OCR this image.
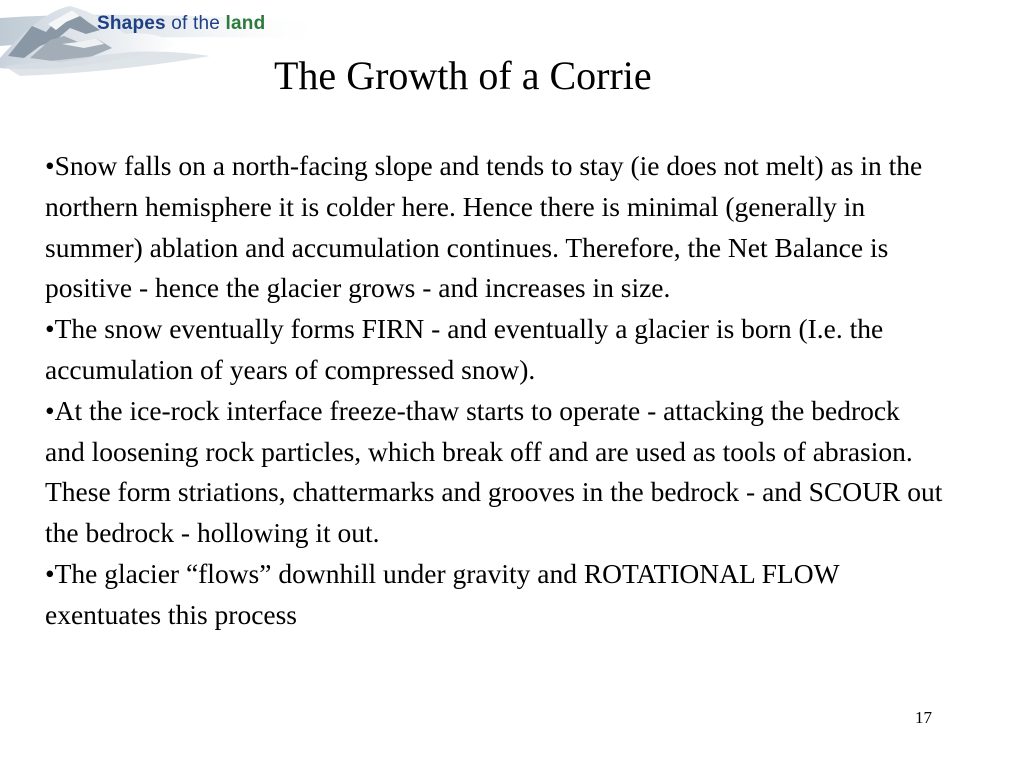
Shapes of the land
The Growth of a Corrie

•Snow falls on a north-facing slope and tends to stay (ie does not melt) as in the northern hemisphere it is colder here. Hence there is minimal (generally in summer) ablation and accumulation continues. Therefore, the Net Balance is positive - hence the glacier grows - and increases in size.

•The snow eventually forms FIRN - and eventually a glacier is born (I.e. the accumulation of years of compressed snow).

•At the ice-rock interface freeze-thaw starts to operate - attacking the bedrock and loosening rock particles, which break off and are used as tools of abrasion. These form striations, chattermarks and grooves in the bedrock - and SCOUR out the bedrock - hollowing it out.

•The glacier “flows” downhill under gravity and ROTATIONAL FLOW exentuates this process

17
